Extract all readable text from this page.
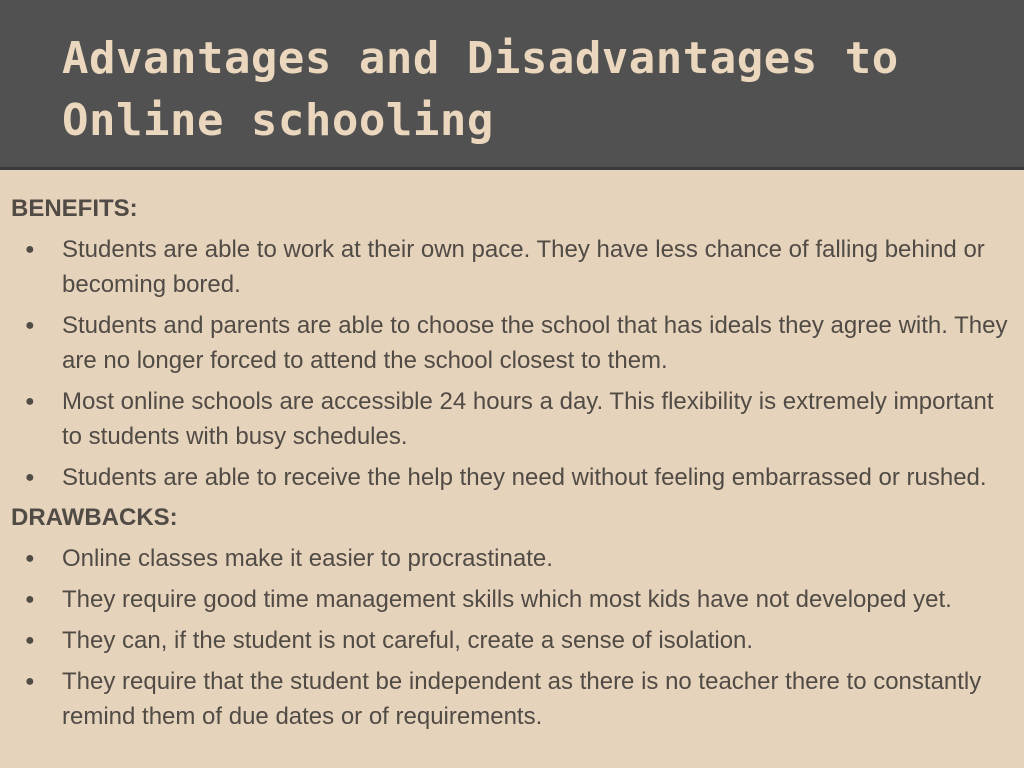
Advantages and Disadvantages to
Online schooling
BENEFITS:
● Students are able to work at their own pace. They have less chance of falling behind or becoming bored.
● Students and parents are able to choose the school that has ideals they agree with. They are no longer forced to attend the school closest to them.
● Most online schools are accessible 24 hours a day. This flexibility is extremely important to students with busy schedules.
● Students are able to receive the help they need without feeling embarrassed or rushed.
DRAWBACKS:
● Online classes make it easier to procrastinate.
● They require good time management skills which most kids have not developed yet.
● They can, if the student is not careful, create a sense of isolation.
● They require that the student be independent as there is no teacher there to constantly remind them of due dates or of requirements.
